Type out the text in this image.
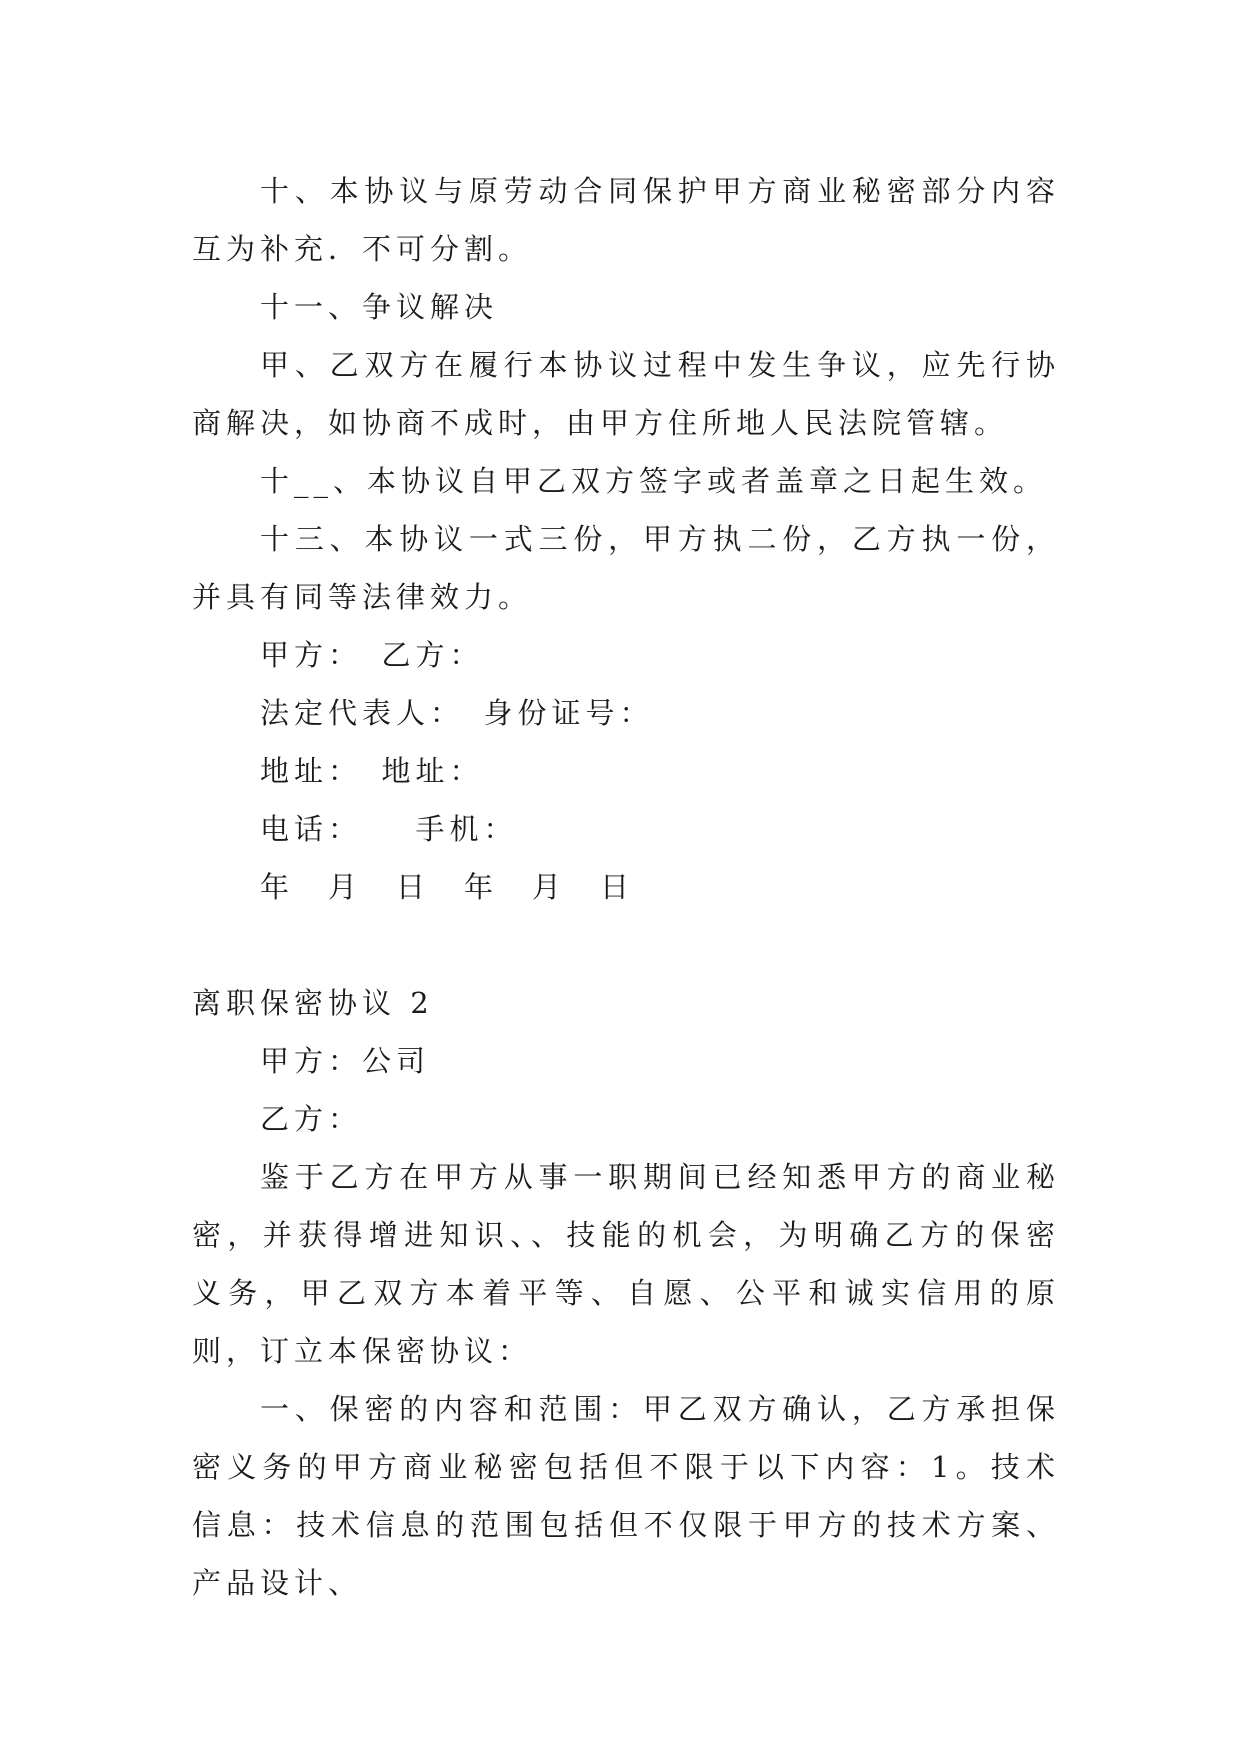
十、本协议与原劳动合同保护甲方商业秘密部分内容互为补充．不可分割。

十一、争议解决

甲、乙双方在履行本协议过程中发生争议，应先行协商解决，如协商不成时，由甲方住所地人民法院管辖。

十__、本协议自甲乙双方签字或者盖章之日起生效。

十三、本协议一式三份，甲方执二份，乙方执一份，并具有同等法律效力。

甲方：　乙方：

法定代表人：　身份证号：

地址：　地址：

电话：　　手机：

年　月　日　年　月　日

离职保密协议 2

甲方：公司

乙方：

鉴于乙方在甲方从事一职期间已经知悉甲方的商业秘密，并获得增进知识、、技能的机会，为明确乙方的保密义务，甲乙双方本着平等、自愿、公平和诚实信用的原则，订立本保密协议：

一、保密的内容和范围：甲乙双方确认，乙方承担保密义务的甲方商业秘密包括但不限于以下内容：1。技术信息：技术信息的范围包括但不仅限于甲方的技术方案、产品设计、
